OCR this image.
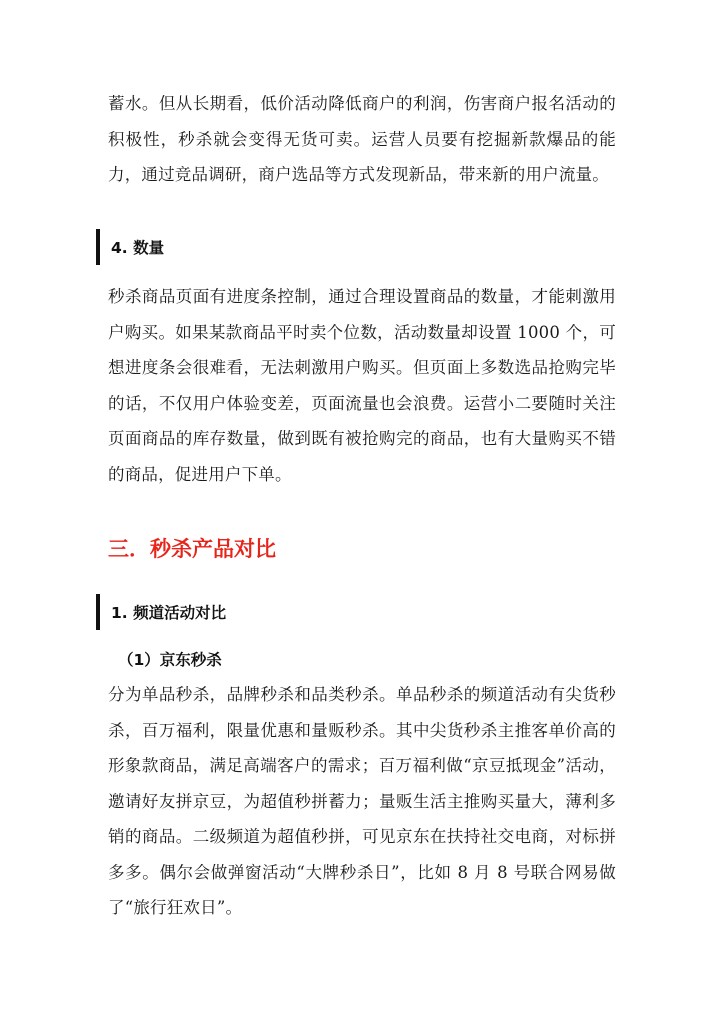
蓄水。但从长期看，低价活动降低商户的利润，伤害商户报名活动的积极性，秒杀就会变得无货可卖。运营人员要有挖掘新款爆品的能力，通过竞品调研，商户选品等方式发现新品，带来新的用户流量。

4. 数量

秒杀商品页面有进度条控制，通过合理设置商品的数量，才能刺激用户购买。如果某款商品平时卖个位数，活动数量却设置 1000 个，可想进度条会很难看，无法刺激用户购买。但页面上多数选品抢购完毕的话，不仅用户体验变差，页面流量也会浪费。运营小二要随时关注页面商品的库存数量，做到既有被抢购完的商品，也有大量购买不错的商品，促进用户下单。

三．秒杀产品对比
1. 频道活动对比
（1）京东秒杀

分为单品秒杀，品牌秒杀和品类秒杀。单品秒杀的频道活动有尖货秒杀，百万福利，限量优惠和量贩秒杀。其中尖货秒杀主推客单价高的形象款商品，满足高端客户的需求；百万福利做“京豆抵现金”活动，邀请好友拼京豆，为超值秒拼蓄力；量贩生活主推购买量大，薄利多销的商品。二级频道为超值秒拼，可见京东在扶持社交电商，对标拼多多。偶尔会做弹窗活动“大牌秒杀日”，比如 8 月 8 号联合网易做了“旅行狂欢日”。
